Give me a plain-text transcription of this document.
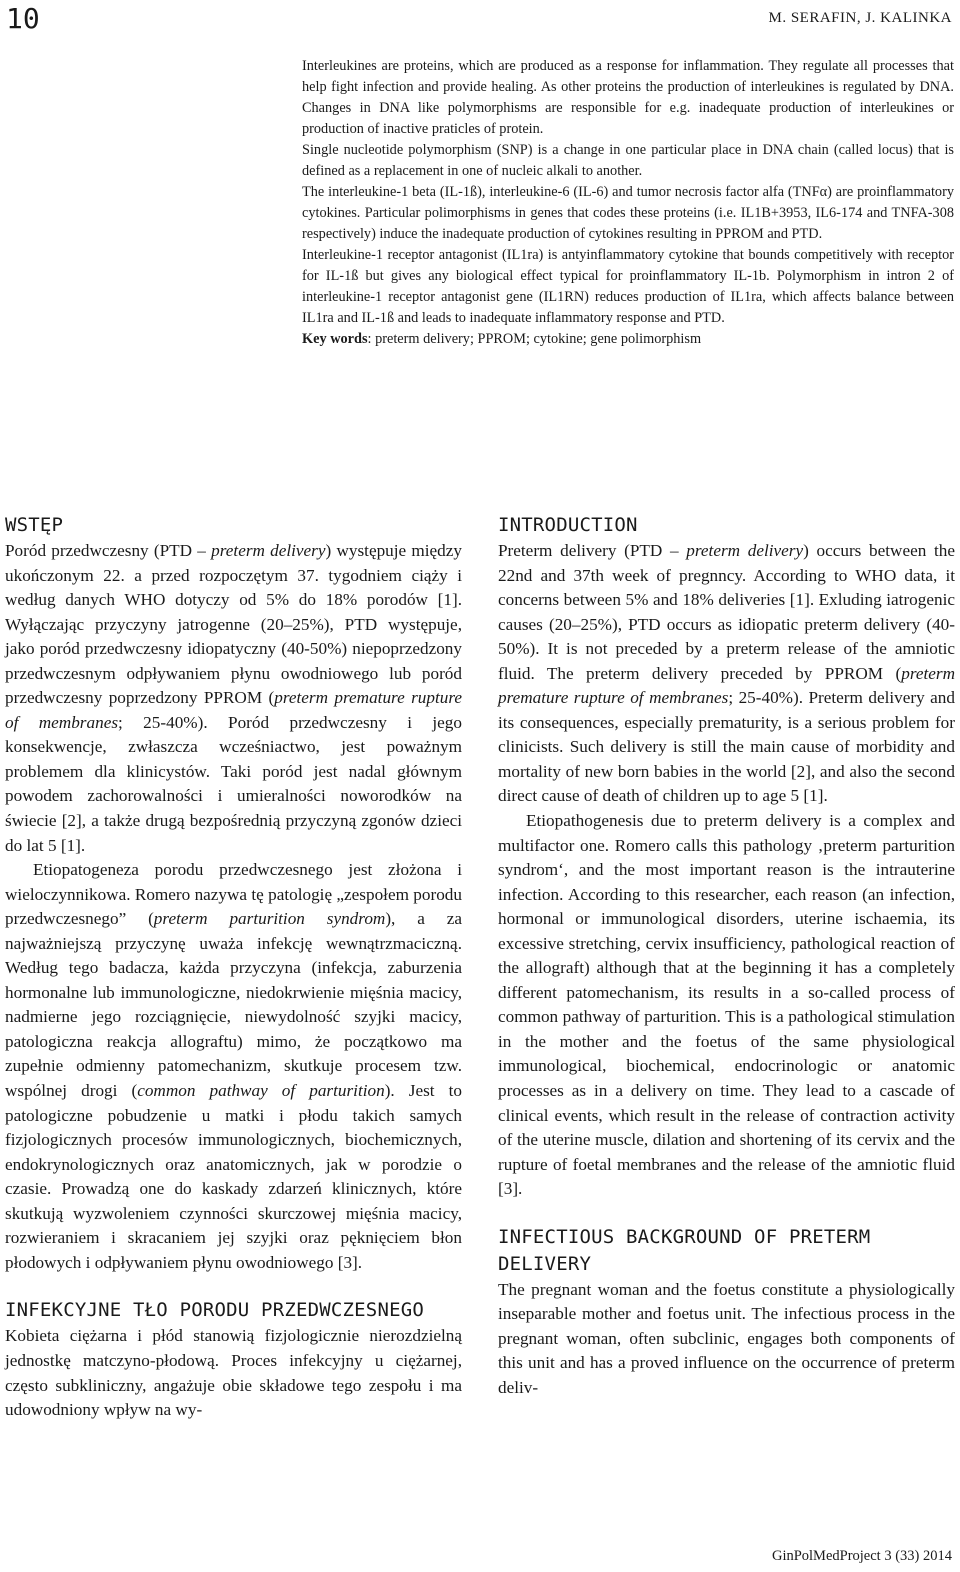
10	M. SERAFIN, J. KALINKA

Interleukines are proteins, which are produced as a response for inflammation. They regulate all processes that help fight infection and provide healing. As other proteins the production of interleukines is regulated by DNA. Changes in DNA like polymorphisms are responsible for e.g. inadequate production of interleukines or production of inactive praticles of protein.

Single nucleotide polymorphism (SNP) is a change in one particular place in DNA chain (called locus) that is defined as a replacement in one of nucleic alkali to another.

The interleukine-1 beta (IL-1ß), interleukine-6 (IL-6) and tumor necrosis factor alfa (TNFα) are proinflammatory cytokines. Particular polimorphisms in genes that codes these proteins (i.e. IL1B+3953, IL6-174 and TNFA-308 respectively) induce the inadequate production of cytokines resulting in PPROM and PTD.

Interleukine-1 receptor antagonist (IL1ra) is antyinflammatory cytokine that bounds competitively with receptor for IL-1ß but gives any biological effect typical for proinflammatory IL-1b. Polymorphism in intron 2 of interleukine-1 receptor antagonist gene (IL1RN) reduces production of IL1ra, which affects balance between IL1ra and IL-1ß and leads to inadequate inflammatory response and PTD.

Key words: preterm delivery; PPROM; cytokine; gene polimorphism

WSTĘP

Poród przedwczesny (PTD – preterm delivery) występuje między ukończonym 22. a przed rozpoczętym 37. tygodniem ciąży i według danych WHO dotyczy od 5% do 18% porodów [1]. Wyłączając przyczyny jatrogenne (20–25%), PTD występuje, jako poród przedwczesny idiopatyczny (40-50%) niepoprzedzony przedwczesnym odpływaniem płynu owodniowego lub poród przedwczesny poprzedzony PPROM (preterm premature rupture of membranes; 25-40%). Poród przedwczesny i jego konsekwencje, zwłaszcza wcześniactwo, jest poważnym problemem dla klinicystów. Taki poród jest nadal głównym powodem zachorowalności i umieralności noworodków na świecie [2], a także drugą bezpośrednią przyczyną zgonów dzieci do lat 5 [1].

Etiopatogeneza porodu przedwczesnego jest złożona i wieloczynnikowa. Romero nazywa tę patologię „zespołem porodu przedwczesnego” (preterm parturition syndrom), a za najważniejszą przyczynę uważa infekcję wewnątrzmaciczną. Według tego badacza, każda przyczyna (infekcja, zaburzenia hormonalne lub immunologiczne, niedokrwienie mięśnia macicy, nadmierne jego rozciągnięcie, niewydolność szyjki macicy, patologiczna reakcja allograftu) mimo, że początkowo ma zupełnie odmienny patomechanizm, skutkuje procesem tzw. wspólnej drogi (common pathway of parturition). Jest to patologiczne pobudzenie u matki i płodu takich samych fizjologicznych procesów immunologicznych, biochemicznych, endokrynologicznych oraz anatomicznych, jak w porodzie o czasie. Prowadzą one do kaskady zdarzeń klinicznych, które skutkują wyzwoleniem czynności skurczowej mięśnia macicy, rozwieraniem i skracaniem jej szyjki oraz pęknięciem błon płodowych i odpływaniem płynu owodniowego [3].

INFEKCYJNE TŁO PORODU PRZEDWCZESNEGO

Kobieta ciężarna i płód stanowią fizjologicznie nierozdzielną jednostkę matczyno-płodową. Proces infekcyjny u ciężarnej, często subkliniczny, angażuje obie składowe tego zespołu i ma udowodniony wpływ na wy-

INTRODUCTION

Preterm delivery (PTD – preterm delivery) occurs between the 22nd and 37th week of pregnncy. According to WHO data, it concerns between 5% and 18% deliveries [1]. Exluding iatrogenic causes (20–25%), PTD occurs as idiopatic preterm delivery (40-50%). It is not preceded by a preterm release of the amniotic fluid. The preterm delivery preceded by PPROM (preterm premature rupture of membranes; 25-40%). Preterm delivery and its consequences, especially prematurity, is a serious problem for clinicists. Such delivery is still the main cause of morbidity and mortality of new born babies in the world [2], and also the second direct cause of death of children up to age 5 [1].

Etiopathogenesis due to preterm delivery is a complex and multifactor one. Romero calls this pathology ‚preterm parturition syndrom‘, and the most important reason is the intrauterine infection. According to this researcher, each reason (an infection, hormonal or immunological disorders, uterine ischaemia, its excessive stretching, cervix insufficiency, pathological reaction of the allograft) although that at the beginning it has a completely different patomechanism, its results in a so-called process of common pathway of parturition. This is a pathological stimulation in the mother and the foetus of the same physiological immunological, biochemical, endocrinologic or anatomic processes as in a delivery on time. They lead to a cascade of clinical events, which result in the release of contraction activity of the uterine muscle, dilation and shortening of its cervix and the rupture of foetal membranes and the release of the amniotic fluid [3].

INFECTIOUS BACKGROUND OF PRETERM DELIVERY

The pregnant woman and the foetus constitute a physiologically inseparable mother and foetus unit. The infectious process in the pregnant woman, often subclinic, engages both components of this unit and has a proved influence on the occurrence of preterm deliv-

GinPolMedProject 3 (33) 2014
